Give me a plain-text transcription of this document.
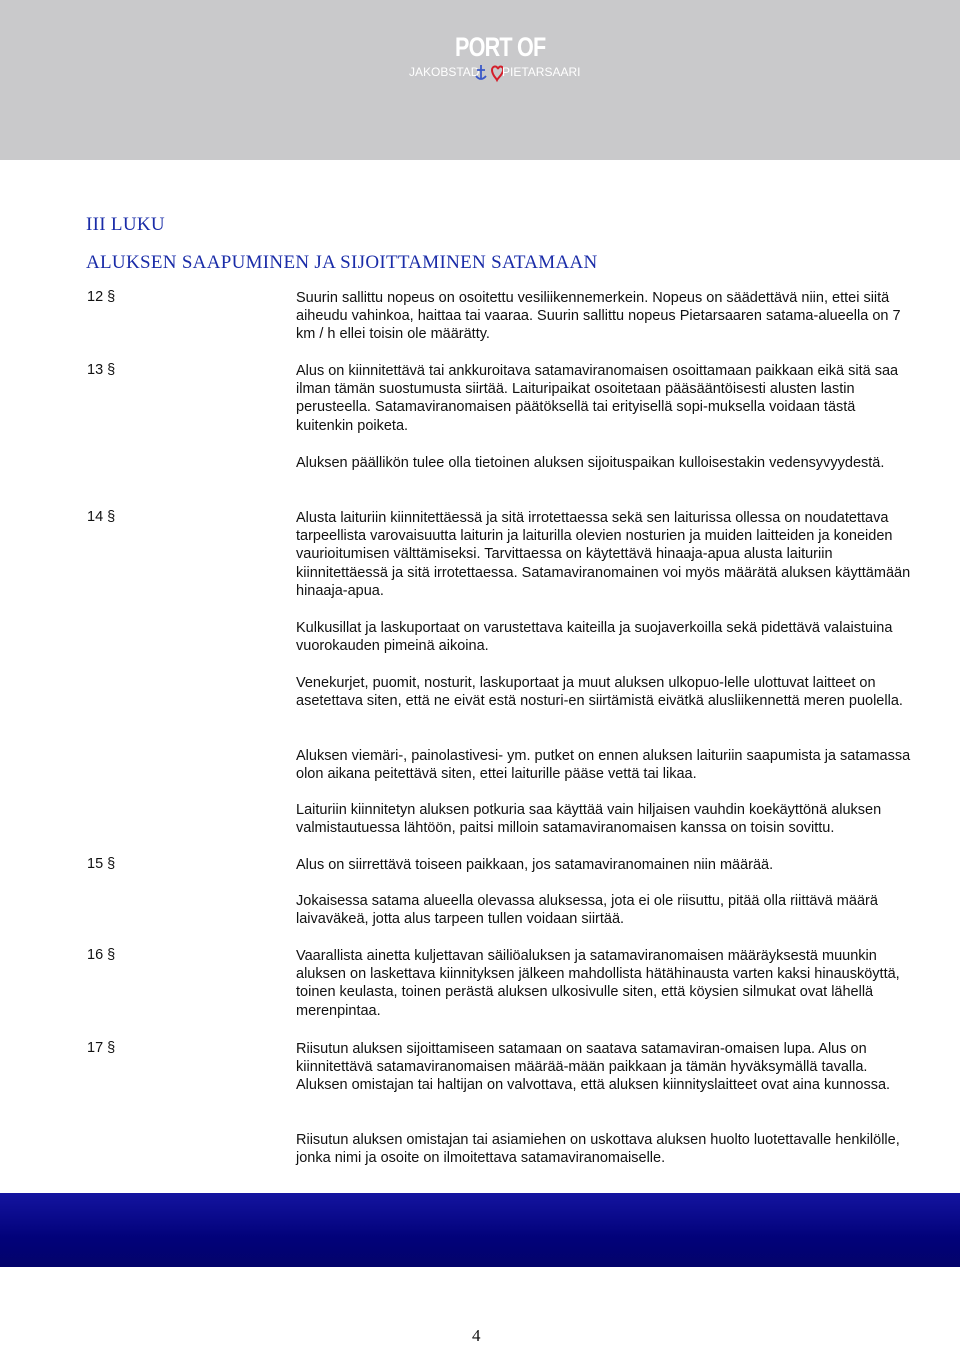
PORT OF
JAKOBSTAD PIETARSAARI
III LUKU
ALUKSEN SAAPUMINEN JA SIJOITTAMINEN SATAMAAN
12 §	Suurin sallittu nopeus on osoitettu vesiliikennemerkein. Nopeus on säädettävä niin, ettei siitä aiheudu vahinkoa, haittaa tai vaaraa. Suurin sallittu nopeus Pietarsaaren satama-alueella on 7 km / h ellei toisin ole määrätty.
13 §	Alus on kiinnitettävä tai ankkuroitava satamaviranomaisen osoittamaan paikkaan eikä sitä saa ilman tämän suostumusta siirtää. Laituripaikat osoitetaan pääsääntöisesti alusten lastin perusteella. Satamaviranomaisen päätöksellä tai erityisellä sopi-muksella voidaan tästä kuitenkin poiketa.
Aluksen päällikön tulee olla tietoinen aluksen sijoituspaikan kulloisestakin vedensyvyydestä.
14 §	Alusta laituriin kiinnitettäessä ja sitä irrotettaessa sekä sen laiturissa ollessa on noudatettava tarpeellista varovaisuutta laiturin ja laiturilla olevien nosturien ja muiden laitteiden ja koneiden vaurioitumisen välttämiseksi. Tarvittaessa on käytettävä hinaaja-apua alusta laituriin kiinnitettäessä ja sitä irrotettaessa. Satamaviranomainen voi myös määrätä aluksen käyttämään hinaaja-apua.
Kulkusillat ja laskuportaat on varustettava kaiteilla ja suojaverkoilla sekä pidettävä valaistuina vuorokauden pimeinä aikoina.
Venekurjet, puomit, nosturit, laskuportaat ja muut aluksen ulkopuo-lelle ulottuvat laitteet on asetettava siten, että ne eivät estä nosturi-en siirtämistä eivätkä alusliikennettä meren puolella.
Aluksen viemäri-, painolastivesi- ym. putket on ennen aluksen laituriin saapumista ja satamassa olon aikana peitettävä siten, ettei laiturille pääse vettä tai likaa.
Laituriin kiinnitetyn aluksen potkuria saa käyttää vain hiljaisen vauhdin koekäyttönä aluksen valmistautuessa lähtöön, paitsi milloin satamaviranomaisen kanssa on toisin sovittu.
15 §	Alus on siirrettävä toiseen paikkaan, jos satamaviranomainen niin määrää.
Jokaisessa satama alueella olevassa aluksessa, jota ei ole riisuttu, pitää olla riittävä määrä laivaväkeä, jotta alus tarpeen tullen voidaan siirtää.
16 §	Vaarallista ainetta kuljettavan säiliöaluksen ja satamaviranomaisen määräyksestä muunkin aluksen on laskettava kiinnityksen jälkeen mahdollista hätähinausta varten kaksi hinausköyttä, toinen keulasta, toinen perästä aluksen ulkosivulle siten, että köysien silmukat ovat lähellä merenpintaa.
17 §	Riisutun aluksen sijoittamiseen satamaan on saatava satamaviran-omaisen lupa. Alus on kiinnitettävä satamaviranomaisen määrää-mään paikkaan ja tämän hyväksymällä tavalla. Aluksen omistajan tai haltijan on valvottava, että aluksen kiinnityslaitteet ovat aina kunnossa.
Riisutun aluksen omistajan tai asiamiehen on uskottava aluksen huolto luotettavalle henkilölle, jonka nimi ja osoite on ilmoitettava satamaviranomaiselle.
4
